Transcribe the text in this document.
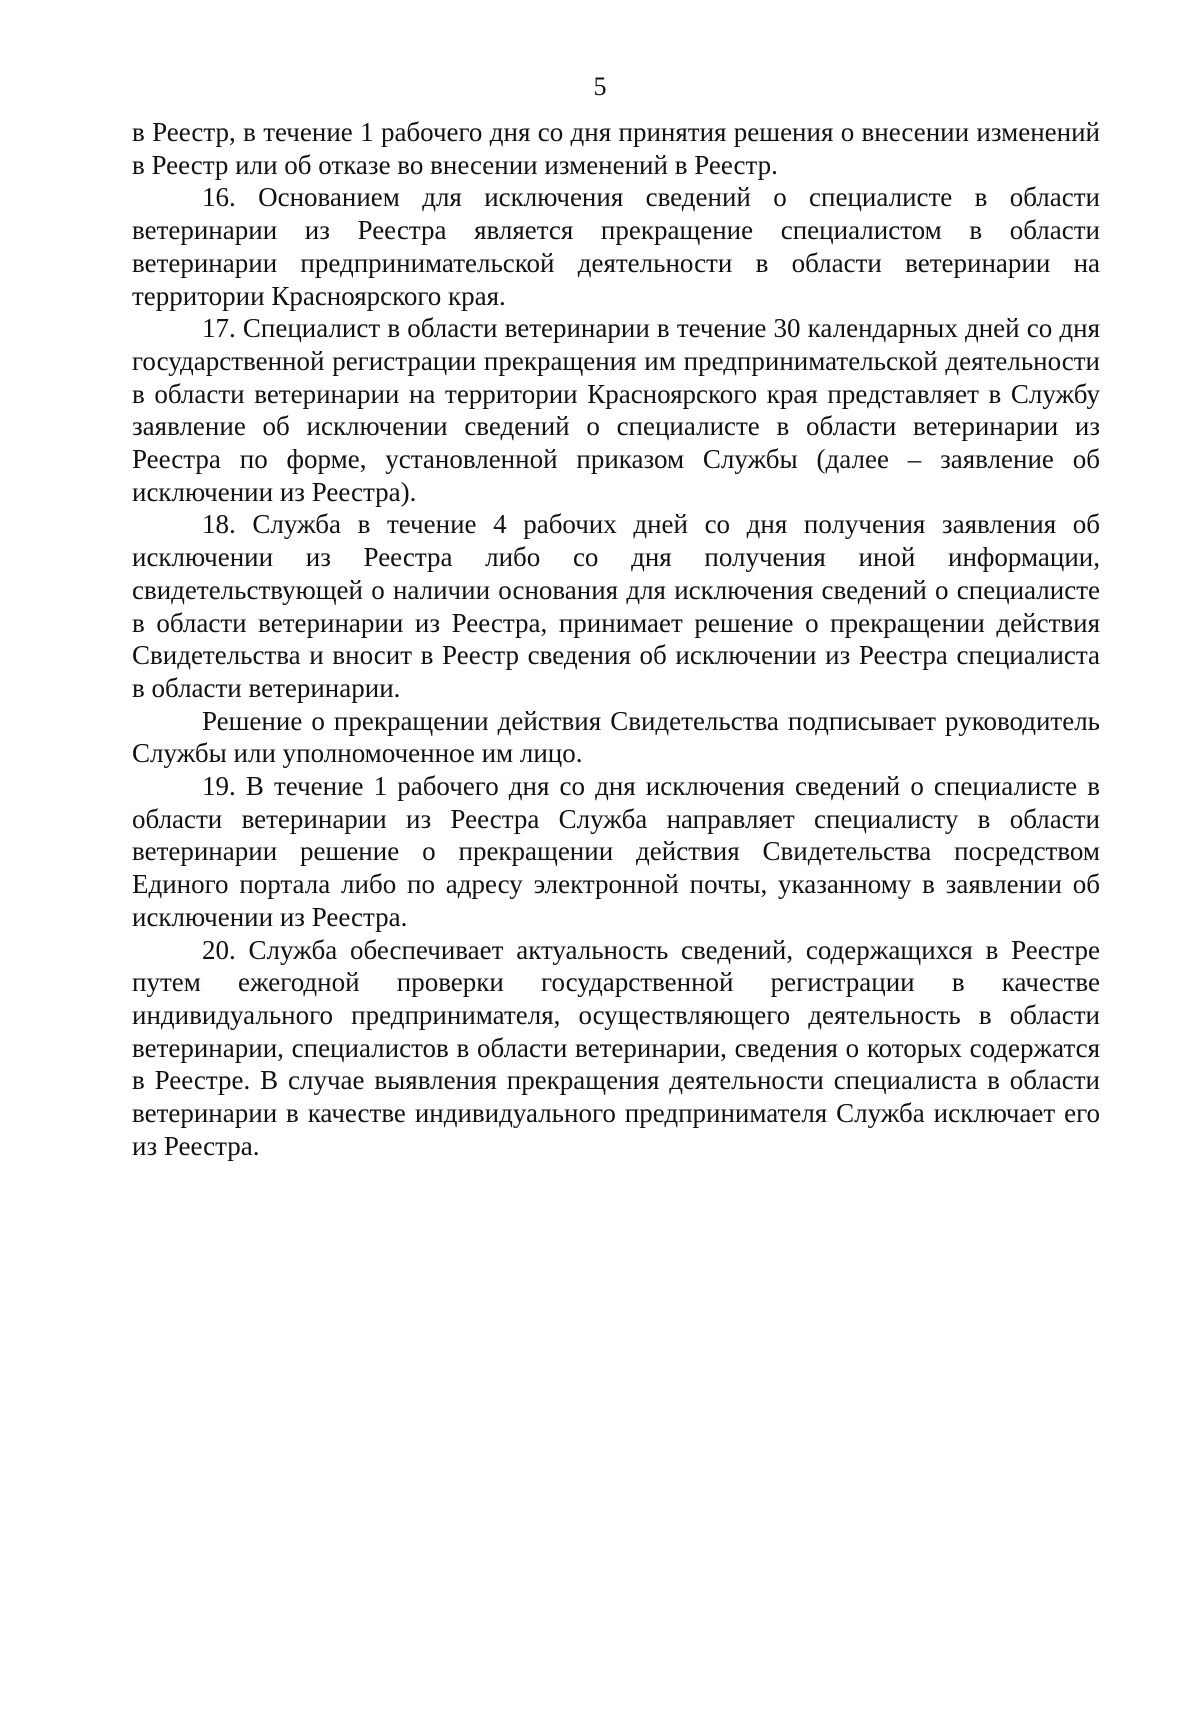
5

в Реестр, в течение 1 рабочего дня со дня принятия решения о внесении изменений в Реестр или об отказе во внесении изменений в Реестр.

16. Основанием для исключения сведений о специалисте в области ветеринарии из Реестра является прекращение специалистом в области ветеринарии предпринимательской деятельности в области ветеринарии на территории Красноярского края.

17. Специалист в области ветеринарии в течение 30 календарных дней со дня государственной регистрации прекращения им предпринимательской деятельности в области ветеринарии на территории Красноярского края представляет в Службу заявление об исключении сведений о специалисте в области ветеринарии из Реестра по форме, установленной приказом Службы (далее – заявление об исключении из Реестра).

18. Служба в течение 4 рабочих дней со дня получения заявления об исключении из Реестра либо со дня получения иной информации, свидетельствующей о наличии основания для исключения сведений о специалисте в области ветеринарии из Реестра, принимает решение о прекращении действия Свидетельства и вносит в Реестр сведения об исключении из Реестра специалиста в области ветеринарии.

Решение о прекращении действия Свидетельства подписывает руководитель Службы или уполномоченное им лицо.

19. В течение 1 рабочего дня со дня исключения сведений о специалисте в области ветеринарии из Реестра Служба направляет специалисту в области ветеринарии решение о прекращении действия Свидетельства посредством Единого портала либо по адресу электронной почты, указанному в заявлении об исключении из Реестра.

20. Служба обеспечивает актуальность сведений, содержащихся в Реестре путем ежегодной проверки государственной регистрации в качестве индивидуального предпринимателя, осуществляющего деятельность в области ветеринарии, специалистов в области ветеринарии, сведения о которых содержатся в Реестре. В случае выявления прекращения деятельности специалиста в области ветеринарии в качестве индивидуального предпринимателя Служба исключает его из Реестра.
